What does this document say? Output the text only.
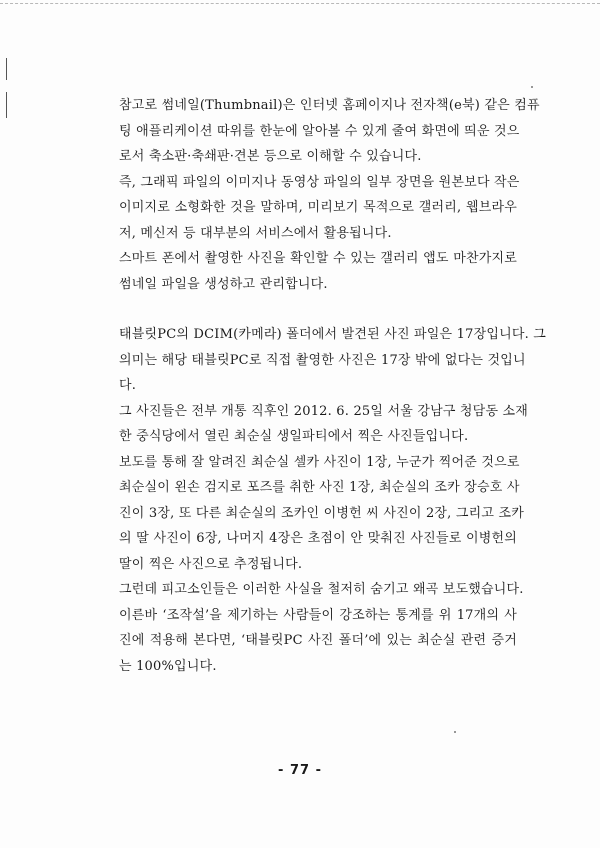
참고로 썸네일(Thumbnail)은 인터넷 홈페이지나 전자책(e북) 같은 컴퓨
팅 애플리케이션 따위를 한눈에 알아볼 수 있게 줄여 화면에 띄운 것으
로서 축소판·축쇄판·견본 등으로 이해할 수 있습니다.

즉, 그래픽 파일의 이미지나 동영상 파일의 일부 장면을 원본보다 작은
이미지로 소형화한 것을 말하며, 미리보기 목적으로 갤러리, 웹브라우
저, 메신저 등 대부분의 서비스에서 활용됩니다.

스마트 폰에서 촬영한 사진을 확인할 수 있는 갤러리 앱도 마찬가지로
썸네일 파일을 생성하고 관리합니다.

태블릿PC의 DCIM(카메라) 폴더에서 발견된 사진 파일은 17장입니다. 그
의미는 해당 태블릿PC로 직접 촬영한 사진은 17장 밖에 없다는 것입니
다.

그 사진들은 전부 개통 직후인 2012. 6. 25일 서울 강남구 청담동 소재
한 중식당에서 열린 최순실 생일파티에서 찍은 사진들입니다.

보도를 통해 잘 알려진 최순실 셀카 사진이 1장, 누군가 찍어준 것으로
최순실이 왼손 검지로 포즈를 취한 사진 1장, 최순실의 조카 장승호 사
진이 3장, 또 다른 최순실의 조카인 이병헌 씨 사진이 2장, 그리고 조카
의 딸 사진이 6장, 나머지 4장은 초점이 안 맞춰진 사진들로 이병헌의
딸이 찍은 사진으로 추정됩니다.

그런데 피고소인들은 이러한 사실을 철저히 숨기고 왜곡 보도했습니다.

이른바 ‘조작설’을 제기하는 사람들이 강조하는 통계를 위 17개의 사
진에 적용해 본다면, ‘태블릿PC 사진 폴더’에 있는 최순실 관련 증거
는 100%입니다.

- 77 -
